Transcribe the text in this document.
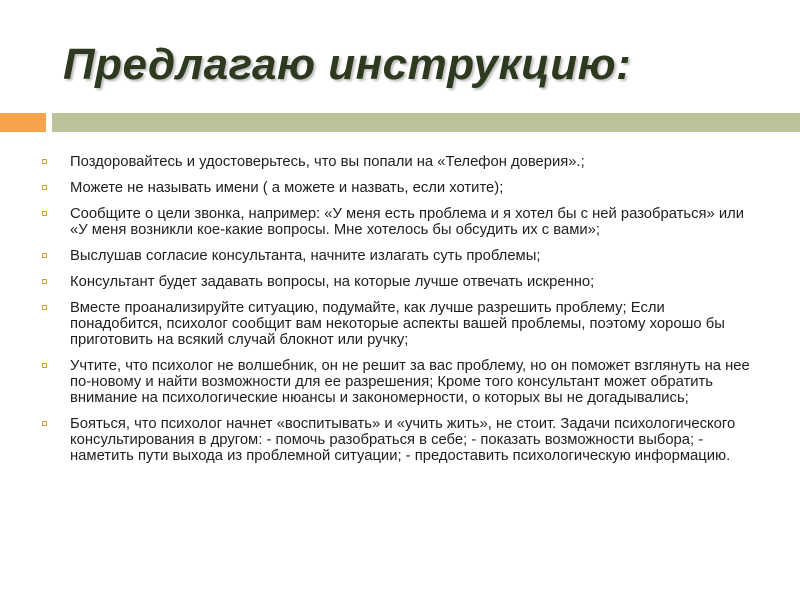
Предлагаю инструкцию:
Поздоровайтесь и удостоверьтесь, что вы попали на «Телефон доверия».;
Можете не называть имени ( а можете и назвать, если хотите);
Сообщите о цели звонка, например: «У меня есть проблема и я хотел бы с ней разобраться» или «У меня возникли кое-какие вопросы. Мне хотелось бы обсудить их с вами»;
Выслушав согласие консультанта, начните излагать суть проблемы;
Консультант будет задавать вопросы, на которые лучше отвечать искренно;
Вместе проанализируйте ситуацию, подумайте, как лучше разрешить проблему; Если понадобится, психолог сообщит вам некоторые аспекты вашей проблемы, поэтому хорошо бы приготовить на всякий случай блокнот или ручку;
Учтите, что психолог не волшебник, он не решит за вас проблему, но он поможет взглянуть на нее по-новому и найти возможности для ее разрешения; Кроме того консультант может обратить внимание на психологические нюансы и закономерности, о которых вы не догадывались;
Бояться, что психолог начнет «воспитывать» и «учить жить», не стоит. Задачи психологического консультирования в другом: - помочь разобраться в себе; - показать возможности выбора; - наметить пути выхода из проблемной ситуации; - предоставить психологическую информацию.
